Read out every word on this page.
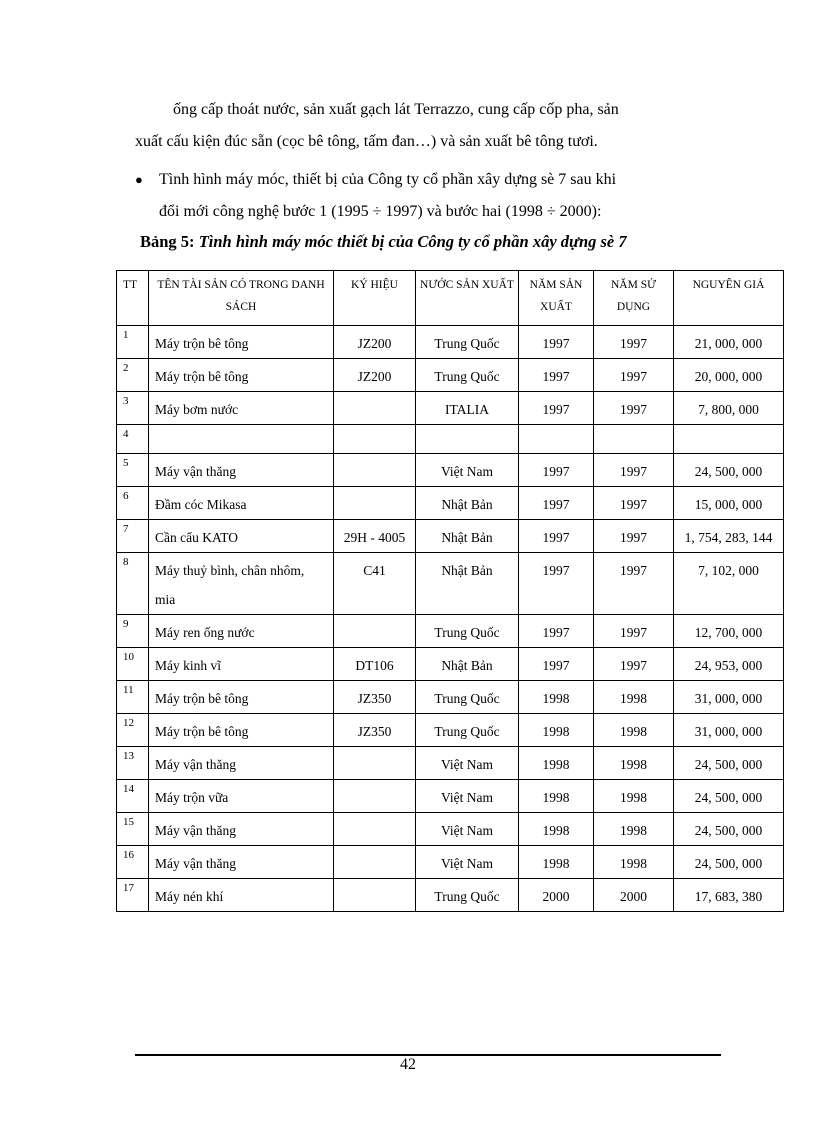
ống cấp thoát nước, sản xuất gạch lát Terrazzo, cung cấp cốp pha, sản
xuất cấu kiện đúc sẵn (cọc bê tông, tấm đan…) và sản xuất bê tông tươi.
●	Tình hình máy móc, thiết bị của Công ty cổ phần xây dựng sè 7 sau khi
đổi mới công nghệ bước 1 (1995 ÷ 1997) và bước hai (1998 ÷ 2000):
Bảng 5: Tình hình máy móc thiết bị của Công ty cổ phần xây dựng sè 7
TT	TÊN TÀI SẢN CÓ TRONG DANH SÁCH	KÝ HIỆU	NƯỚC SẢN XUẤT	NĂM SẢN XUẤT	NĂM SỬ DỤNG	NGUYÊN GIÁ
1	Máy trộn bê tông	JZ200	Trung Quốc	1997	1997	21, 000, 000
2	Máy trộn bê tông	JZ200	Trung Quốc	1997	1997	20, 000, 000
3	Máy bơm nước		ITALIA	1997	1997	7, 800, 000
4						
5	Máy vận thăng		Việt Nam	1997	1997	24, 500, 000
6	Đầm cóc Mikasa		Nhật Bản	1997	1997	15, 000, 000
7	Cần cẩu KATO	29H - 4005	Nhật Bản	1997	1997	1, 754, 283, 144
8	Máy thuỷ bình, chân nhôm, mia	C41	Nhật Bản	1997	1997	7, 102, 000
9	Máy ren ống nước		Trung Quốc	1997	1997	12, 700, 000
10	Máy kinh vĩ	DT106	Nhật Bản	1997	1997	24, 953, 000
11	Máy trộn bê tông	JZ350	Trung Quốc	1998	1998	31, 000, 000
12	Máy trộn bê tông	JZ350	Trung Quốc	1998	1998	31, 000, 000
13	Máy vận thăng		Việt Nam	1998	1998	24, 500, 000
14	Máy trộn vữa		Việt Nam	1998	1998	24, 500, 000
15	Máy vận thăng		Việt Nam	1998	1998	24, 500, 000
16	Máy vận thăng		Việt Nam	1998	1998	24, 500, 000
17	Máy nén khí		Trung Quốc	2000	2000	17, 683, 380
42
